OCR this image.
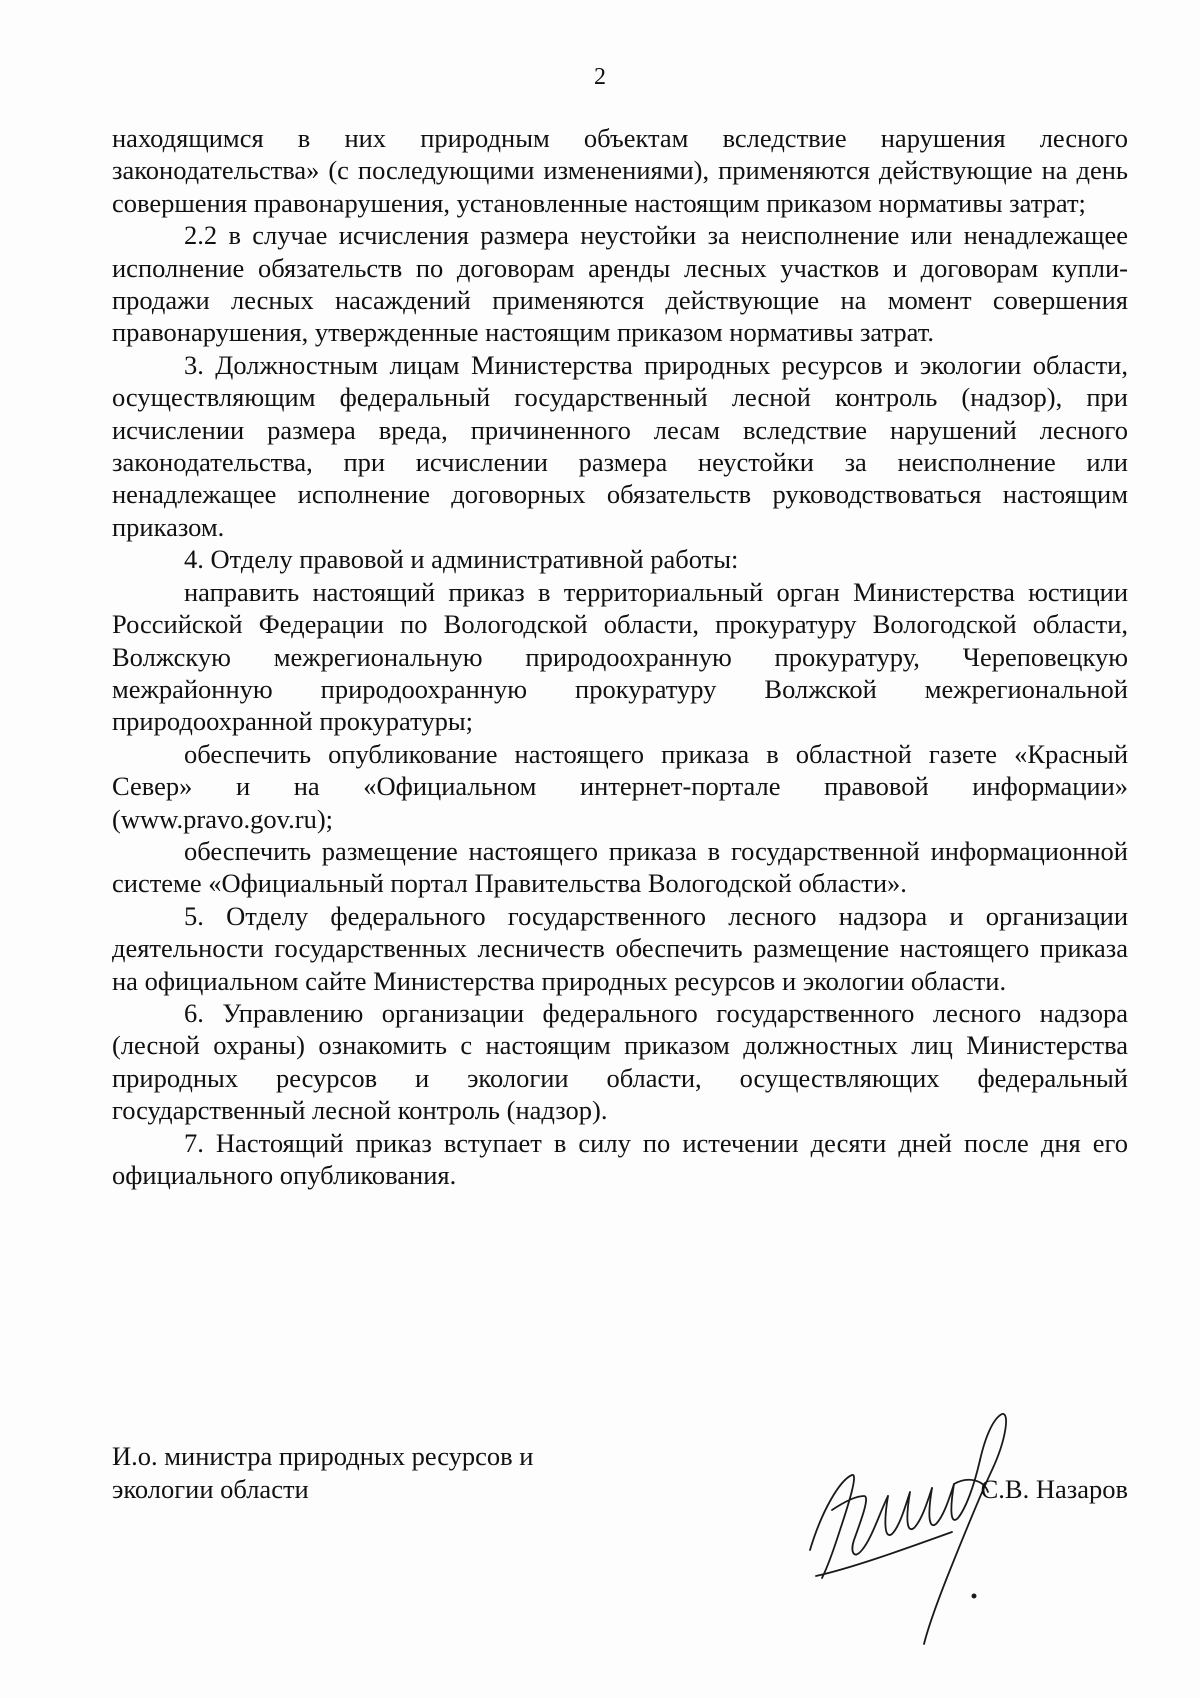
2

находящимся в них природным объектам вследствие нарушения лесного законодательства» (с последующими изменениями), применяются действующие на день совершения правонарушения, установленные настоящим приказом нормативы затрат;

2.2 в случае исчисления размера неустойки за неисполнение или ненадлежащее исполнение обязательств по договорам аренды лесных участков и договорам купли-продажи лесных насаждений применяются действующие на момент совершения правонарушения, утвержденные настоящим приказом нормативы затрат.

3. Должностным лицам Министерства природных ресурсов и экологии области, осуществляющим федеральный государственный лесной контроль (надзор), при исчислении размера вреда, причиненного лесам вследствие нарушений лесного законодательства, при исчислении размера неустойки за неисполнение или ненадлежащее исполнение договорных обязательств руководствоваться настоящим приказом.

4. Отделу правовой и административной работы:

направить настоящий приказ в территориальный орган Министерства юстиции Российской Федерации по Вологодской области, прокуратуру Вологодской области, Волжскую межрегиональную природоохранную прокуратуру, Череповецкую межрайонную природоохранную прокуратуру Волжской межрегиональной природоохранной прокуратуры;

обеспечить опубликование настоящего приказа в областной газете «Красный Север» и на «Официальном интернет-портале правовой информации» (www.pravo.gov.ru);

обеспечить размещение настоящего приказа в государственной информационной системе «Официальный портал Правительства Вологодской области».

5. Отделу федерального государственного лесного надзора и организации деятельности государственных лесничеств обеспечить размещение настоящего приказа на официальном сайте Министерства природных ресурсов и экологии области.

6. Управлению организации федерального государственного лесного надзора (лесной охраны) ознакомить с настоящим приказом должностных лиц Министерства природных ресурсов и экологии области, осуществляющих федеральный государственный лесной контроль (надзор).

7. Настоящий приказ вступает в силу по истечении десяти дней после дня его официального опубликования.

И.о. министра природных ресурсов и
экологии области	С.В. Назаров
